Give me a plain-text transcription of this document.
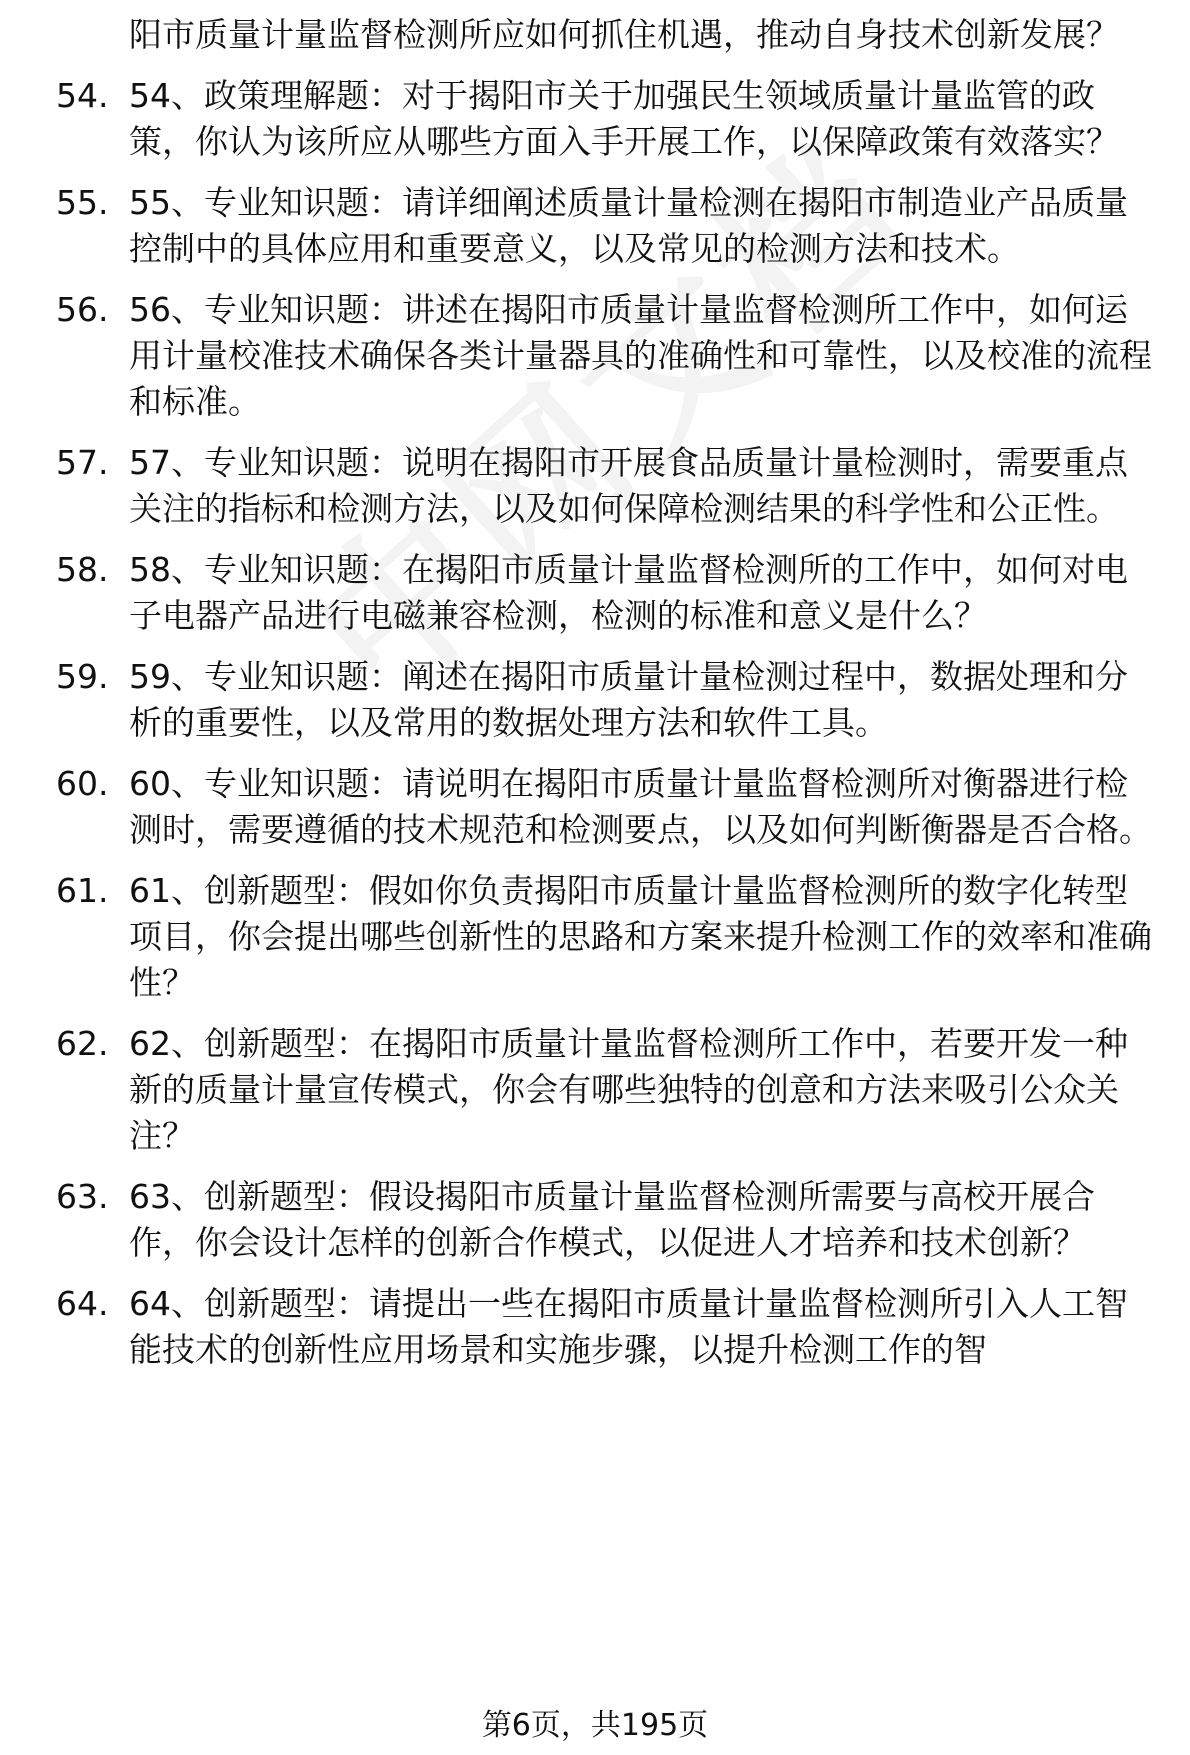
阳市质量计量监督检测所应如何抓住机遇，推动自身技术创新发展？
54. 54、政策理解题：对于揭阳市关于加强民生领域质量计量监管的政策，你认为该所应从哪些方面入手开展工作，以保障政策有效落实？
55. 55、专业知识题：请详细阐述质量计量检测在揭阳市制造业产品质量控制中的具体应用和重要意义，以及常见的检测方法和技术。
56. 56、专业知识题：讲述在揭阳市质量计量监督检测所工作中，如何运用计量校准技术确保各类计量器具的准确性和可靠性，以及校准的流程和标准。
57. 57、专业知识题：说明在揭阳市开展食品质量计量检测时，需要重点关注的指标和检测方法，以及如何保障检测结果的科学性和公正性。
58. 58、专业知识题：在揭阳市质量计量监督检测所的工作中，如何对电子电器产品进行电磁兼容检测，检测的标准和意义是什么？
59. 59、专业知识题：阐述在揭阳市质量计量检测过程中，数据处理和分析的重要性，以及常用的数据处理方法和软件工具。
60. 60、专业知识题：请说明在揭阳市质量计量监督检测所对衡器进行检测时，需要遵循的技术规范和检测要点，以及如何判断衡器是否合格。
61. 61、创新题型：假如你负责揭阳市质量计量监督检测所的数字化转型项目，你会提出哪些创新性的思路和方案来提升检测工作的效率和准确性？
62. 62、创新题型：在揭阳市质量计量监督检测所工作中，若要开发一种新的质量计量宣传模式，你会有哪些独特的创意和方法来吸引公众关注？
63. 63、创新题型：假设揭阳市质量计量监督检测所需要与高校开展合作，你会设计怎样的创新合作模式，以促进人才培养和技术创新？
64. 64、创新题型：请提出一些在揭阳市质量计量监督检测所引入人工智能技术的创新性应用场景和实施步骤，以提升检测工作的智
第6页，共195页
